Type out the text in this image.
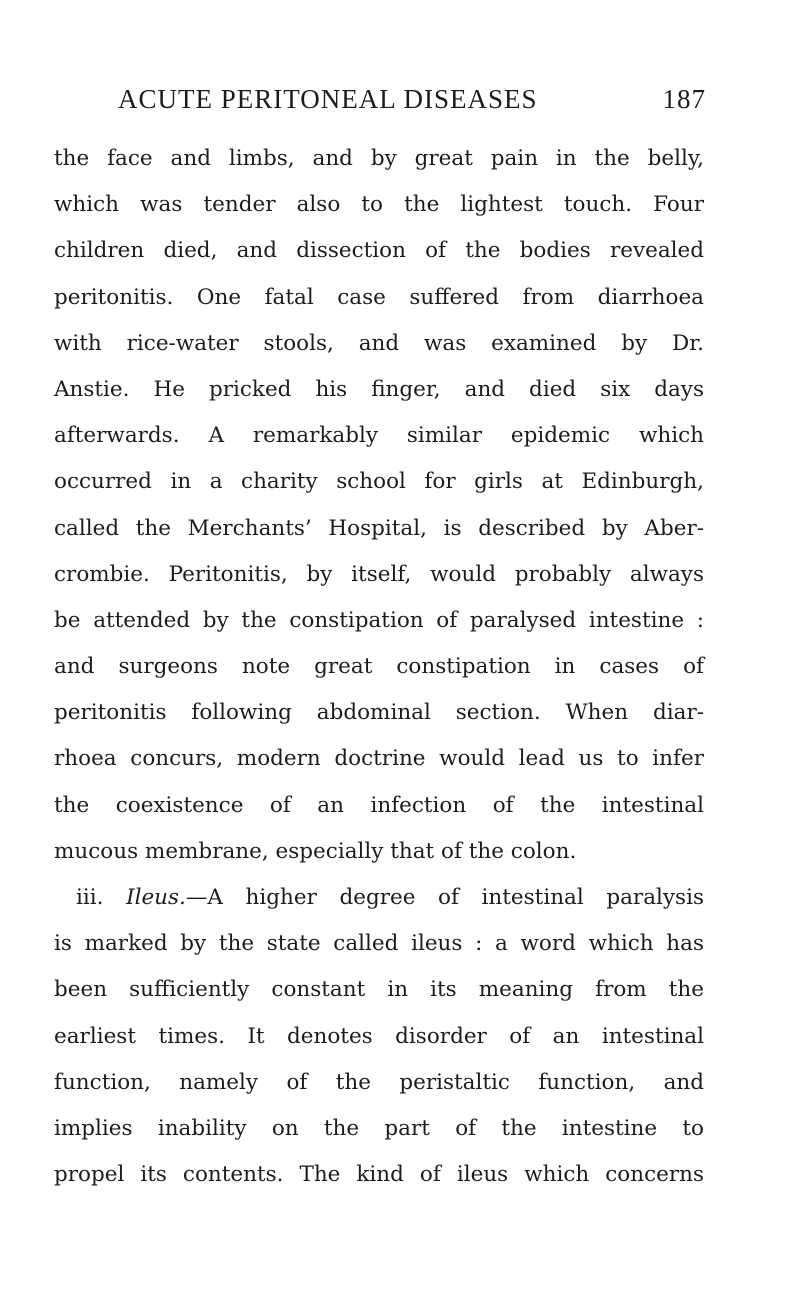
ACUTE PERITONEAL DISEASES	187
the face and limbs, and by great pain in the belly,
which was tender also to the lightest touch. Four
children died, and dissection of the bodies revealed
peritonitis. One fatal case suffered from diarrhoea
with rice-water stools, and was examined by Dr.
Anstie. He pricked his finger, and died six days
afterwards. A remarkably similar epidemic which
occurred in a charity school for girls at Edinburgh,
called the Merchants’ Hospital, is described by Aber-
crombie. Peritonitis, by itself, would probably always
be attended by the constipation of paralysed intestine :
and surgeons note great constipation in cases of
peritonitis following abdominal section. When diar-
rhoea concurs, modern doctrine would lead us to infer
the coexistence of an infection of the intestinal
mucous membrane, especially that of the colon.
iii. Ileus.—A higher degree of intestinal paralysis
is marked by the state called ileus : a word which has
been sufficiently constant in its meaning from the
earliest times. It denotes disorder of an intestinal
function, namely of the peristaltic function, and
implies inability on the part of the intestine to
propel its contents. The kind of ileus which concerns
